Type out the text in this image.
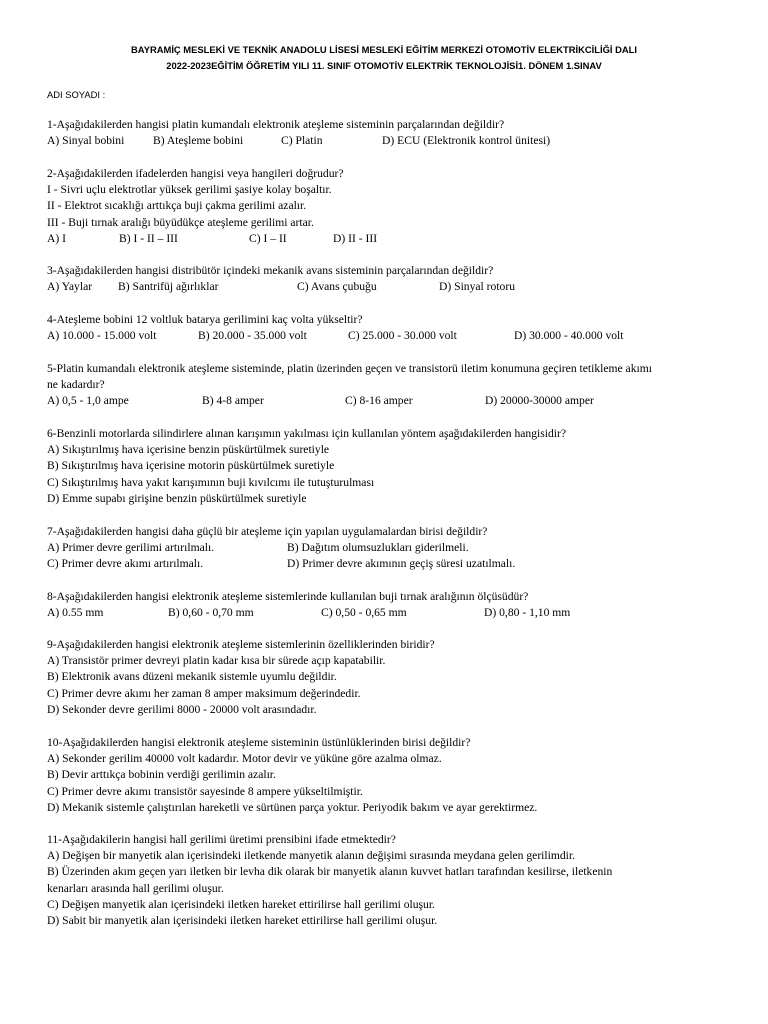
BAYRAMİÇ MESLEKİ VE TEKNİK ANADOLU LİSESİ MESLEKİ EĞİTİM MERKEZİ OTOMOTİV ELEKTRİKCİLİĞİ DALI
2022-2023EĞİTİM ÖĞRETİM YILI 11. SINIF OTOMOTİV ELEKTRİK TEKNOLOJİSİ1. DÖNEM 1.SINAV
ADI SOYADI :
1-Aşağıdakilerden hangisi platin kumandalı elektronik ateşleme sisteminin parçalarından değildir?
A) Sinyal bobini B) Ateşleme bobini	C) Platin	D) ECU (Elektronik kontrol ünitesi)
2-Aşağıdakilerden ifadelerden hangisi veya hangileri doğrudur?
I - Sivri uçlu elektrotlar yüksek gerilimi şasiye kolay boşaltır.
II - Elektrot sıcaklığı arttıkça buji çakma gerilimi azalır.
III - Buji tırnak aralığı büyüdükçe ateşleme gerilimi artar.
A) I	B) I - II – III	C) I – II	D) II - III
3-Aşağıdakilerden hangisi distribütör içindeki mekanik avans sisteminin parçalarından değildir?
A) Yaylar B) Santrifüj ağırlıklar	C) Avans çubuğu	D) Sinyal rotoru
4-Ateşleme bobini 12 voltluk batarya gerilimini kaç volta yükseltir?
A) 10.000 - 15.000 volt	B) 20.000 - 35.000 volt	C) 25.000 - 30.000 volt	D) 30.000 - 40.000 volt
5-Platin kumandalı elektronik ateşleme sisteminde, platin üzerinden geçen ve transistorü iletim konumuna geçiren tetikleme akımı
ne kadardır?
A) 0,5 - 1,0 ampe	B) 4-8 amper	C) 8-16 amper	D) 20000-30000 amper
6-Benzinli motorlarda silindirlere alınan karışımın yakılması için kullanılan yöntem aşağıdakilerden hangisidir?
A) Sıkıştırılmış hava içerisine benzin püskürtülmek suretiyle
B) Sıkıştırılmış hava içerisine motorin püskürtülmek suretiyle
C) Sıkıştırılmış hava yakıt karışımının buji kıvılcımı ile tutuşturulması
D) Emme supabı girişine benzin püskürtülmek suretiyle
7-Aşağıdakilerden hangisi daha güçlü bir ateşleme için yapılan uygulamalardan birisi değildir?
A) Primer devre gerilimi artırılmalı.	B) Dağıtım olumsuzlukları giderilmeli.
C) Primer devre akımı artırılmalı.	D) Primer devre akımının geçiş süresi uzatılmalı.
8-Aşağıdakilerden hangisi elektronik ateşleme sistemlerinde kullanılan buji tırnak aralığının ölçüsüdür?
A) 0.55 mm	B) 0,60 - 0,70 mm	C) 0,50 - 0,65 mm	D) 0,80 - 1,10 mm
9-Aşağıdakilerden hangisi elektronik ateşleme sistemlerinin özelliklerinden biridir?
A) Transistör primer devreyi platin kadar kısa bir sürede açıp kapatabilir.
B) Elektronik avans düzeni mekanik sistemle uyumlu değildir.
C) Primer devre akımı her zaman 8 amper maksimum değerindedir.
D) Sekonder devre gerilimi 8000 - 20000 volt arasındadır.
10-Aşağıdakilerden hangisi elektronik ateşleme sisteminin üstünlüklerinden birisi değildir?
A) Sekonder gerilim 40000 volt kadardır. Motor devir ve yüküne göre azalma olmaz.
B) Devir arttıkça bobinin verdiği gerilimin azalır.
C) Primer devre akımı transistör sayesinde 8 ampere yükseltilmiştir.
D) Mekanik sistemle çalıştırılan hareketli ve sürtünen parça yoktur. Periyodik bakım ve ayar gerektirmez.
11-Aşağıdakilerin hangisi hall gerilimi üretimi prensibini ifade etmektedir?
A) Değişen bir manyetik alan içerisindeki iletkende manyetik alanın değişimi sırasında meydana gelen gerilimdir.
B) Üzerinden akım geçen yarı iletken bir levha dik olarak bir manyetik alanın kuvvet hatları tarafından kesilirse, iletkenin
kenarları arasında hall gerilimi oluşur.
C) Değişen manyetik alan içerisindeki iletken hareket ettirilirse hall gerilimi oluşur.
D) Sabit bir manyetik alan içerisindeki iletken hareket ettirilirse hall gerilimi oluşur.
